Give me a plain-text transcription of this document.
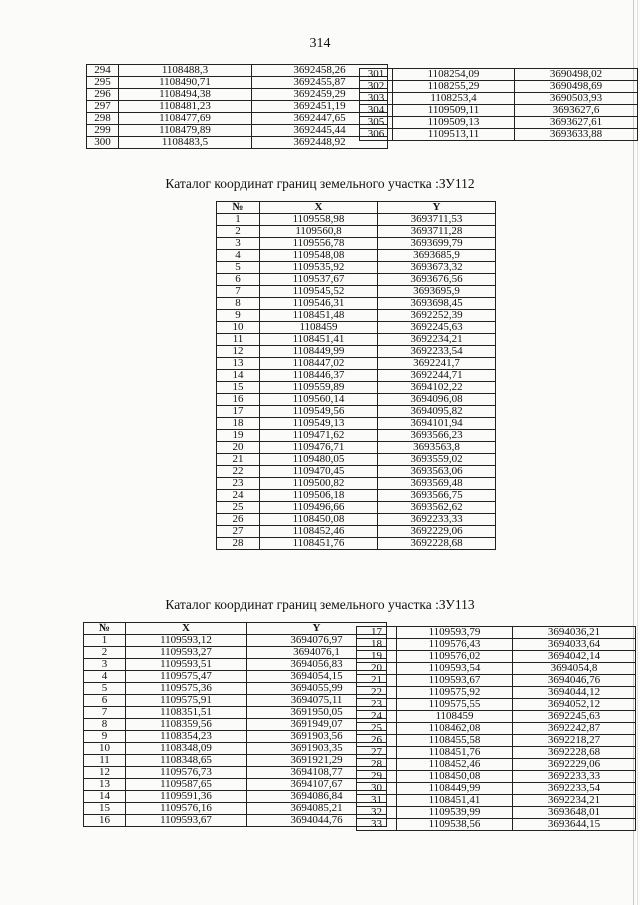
314
294	1108488,3	3692458,26
295	1108490,71	3692455,87
296	1108494,38	3692459,29
297	1108481,23	3692451,19
298	1108477,69	3692447,65
299	1108479,89	3692445,44
300	1108483,5	3692448,92
301	1108254,09	3690498,02
302	1108255,29	3690498,69
303	1108253,4	3690503,93
304	1109509,11	3693627,6
305	1109509,13	3693627,61
306	1109513,11	3693633,88
Каталог координат границ земельного участка :ЗУ112
№	X	Y
1	1109558,98	3693711,53
2	1109560,8	3693711,28
3	1109556,78	3693699,79
4	1109548,08	3693685,9
5	1109535,92	3693673,32
6	1109537,67	3693676,56
7	1109545,52	3693695,9
8	1109546,31	3693698,45
9	1108451,48	3692252,39
10	1108459	3692245,63
11	1108451,41	3692234,21
12	1108449,99	3692233,54
13	1108447,02	3692241,7
14	1108446,37	3692244,71
15	1109559,89	3694102,22
16	1109560,14	3694096,08
17	1109549,56	3694095,82
18	1109549,13	3694101,94
19	1109471,62	3693566,23
20	1109476,71	3693563,8
21	1109480,05	3693559,02
22	1109470,45	3693563,06
23	1109500,82	3693569,48
24	1109506,18	3693566,75
25	1109496,66	3693562,62
26	1108450,08	3692233,33
27	1108452,46	3692229,06
28	1108451,76	3692228,68
Каталог координат границ земельного участка :ЗУ113
№	X	Y
1	1109593,12	3694076,97
2	1109593,27	3694076,1
3	1109593,51	3694056,83
4	1109575,47	3694054,15
5	1109575,36	3694055,99
6	1109575,91	3694075,11
7	1108351,51	3691950,05
8	1108359,56	3691949,07
9	1108354,23	3691903,56
10	1108348,09	3691903,35
11	1108348,65	3691921,29
12	1109576,73	3694108,77
13	1109587,65	3694107,67
14	1109591,36	3694086,84
15	1109576,16	3694085,21
16	1109593,67	3694044,76
17	1109593,79	3694036,21
18	1109576,43	3694033,64
19	1109576,02	3694042,14
20	1109593,54	3694054,8
21	1109593,67	3694046,76
22	1109575,92	3694044,12
23	1109575,55	3694052,12
24	1108459	3692245,63
25	1108462,08	3692242,87
26	1108455,58	3692218,27
27	1108451,76	3692228,68
28	1108452,46	3692229,06
29	1108450,08	3692233,33
30	1108449,99	3692233,54
31	1108451,41	3692234,21
32	1109539,99	3693648,01
33	1109538,56	3693644,15
